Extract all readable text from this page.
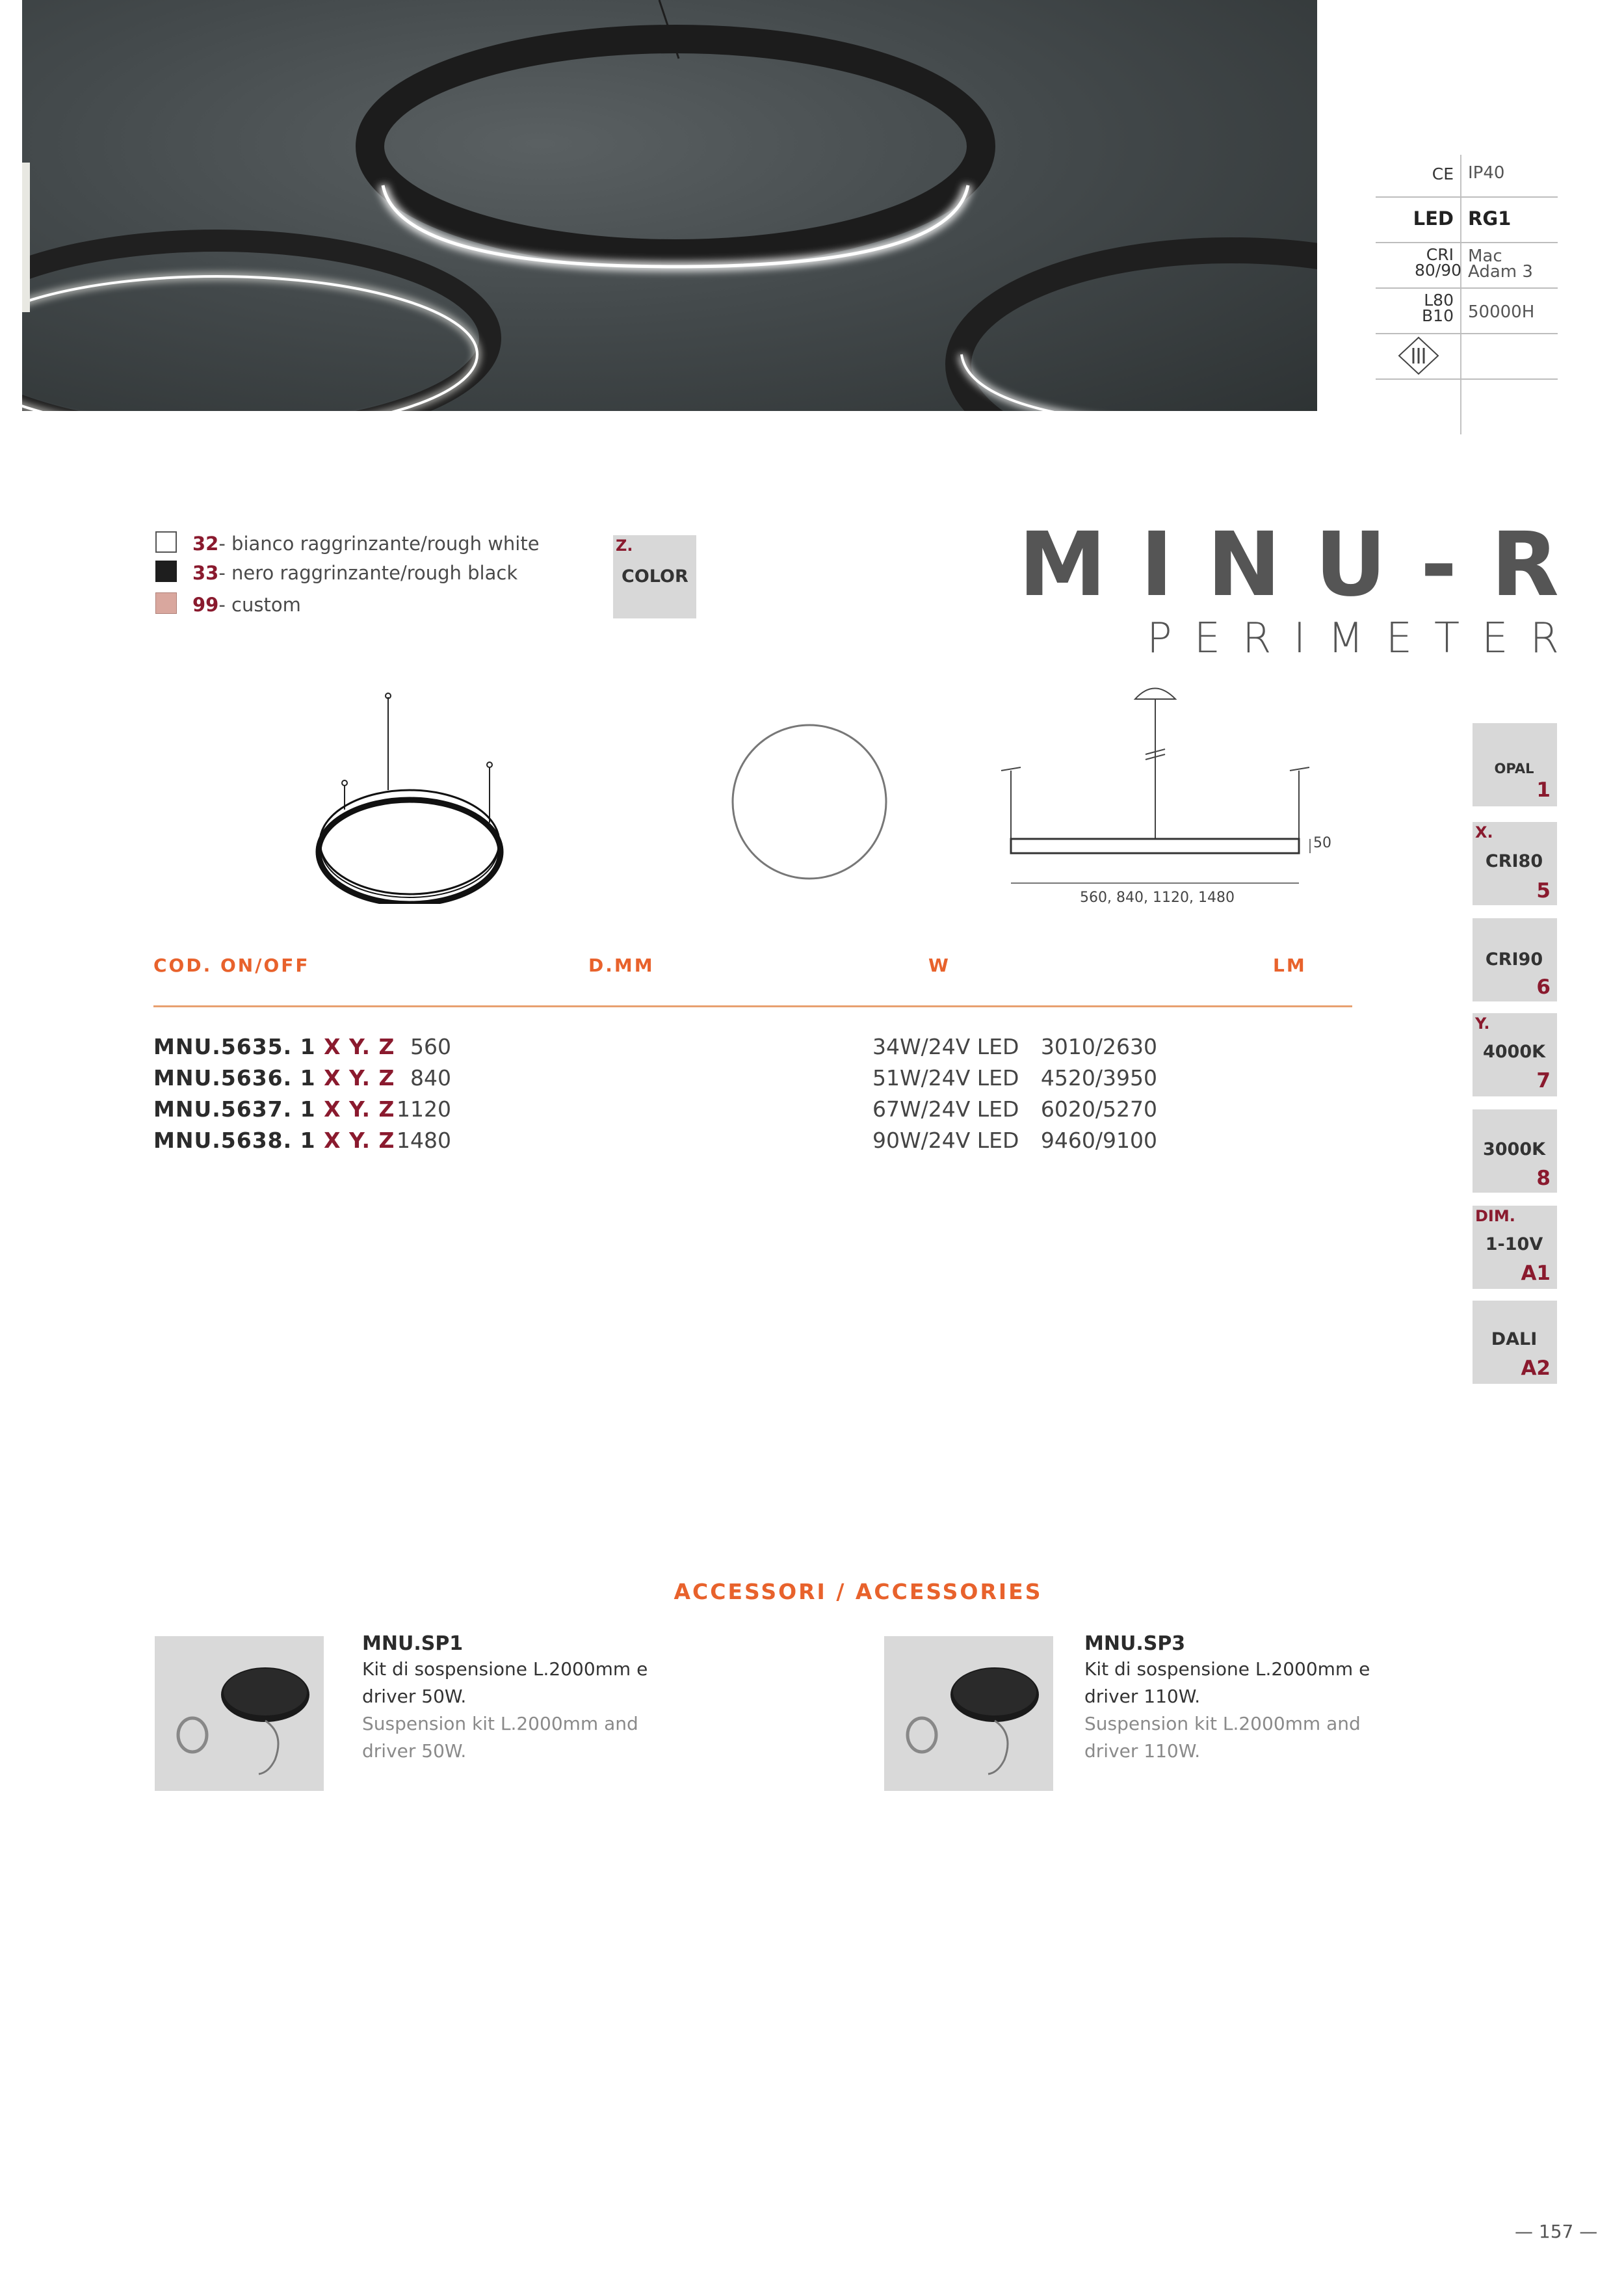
CE IP40
LED RG1
CRI 80/90
Mac Adam 3
L80 B10 50000H
32- bianco raggrinzante/rough white
33- nero raggrinzante/rough black
99- custom
Z.
COLOR	MINU-R
PERIMETER
50
560, 840, 1120, 1480
OPAL
1
X.
CRI80
5
CRI90
6
Y.
4000K
7
3000K
8
DIM.
1-10V
A1
DALI
A2
COD. ON/OFF	D.MM	W	LM
MNU.5635. 1 X Y. Z 560	34W/24V LED 3010/2630
MNU.5636. 1 X Y. Z 840	51W/24V LED 4520/3950
MNU.5637. 1 X Y. Z 1120	67W/24V LED 6020/5270
MNU.5638. 1 X Y. Z 1480	90W/24V LED 9460/9100
ACCESSORI / ACCESSORIES
MNU.SP1
Kit di sospensione L.2000mm e driver 50W.
Suspension kit L.2000mm and driver 50W.
MNU.SP3
Kit di sospensione L.2000mm e driver 110W.
Suspension kit L.2000mm and driver 110W.
— 157 —
